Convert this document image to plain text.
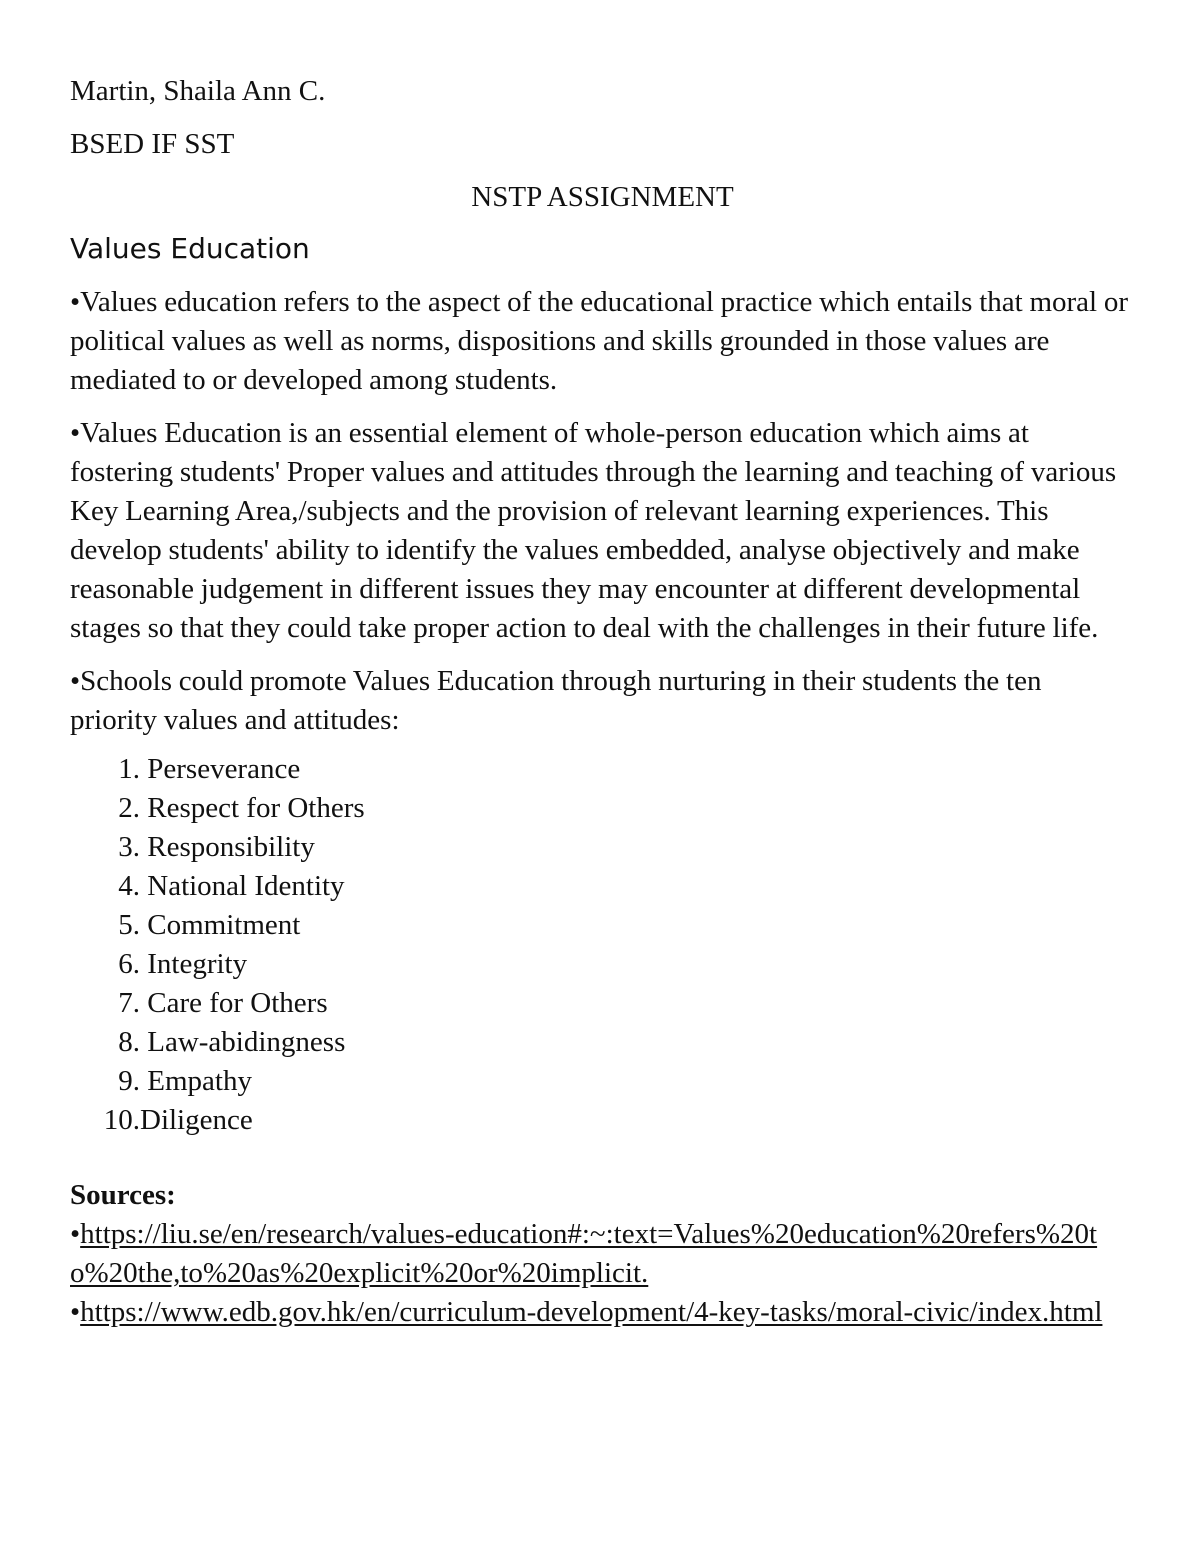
Martin, Shaila Ann C.

BSED IF SST

NSTP ASSIGNMENT

Values Education

•Values education refers to the aspect of the educational practice which entails that moral or political values as well as norms, dispositions and skills grounded in those values are mediated to or developed among students.

•Values Education is an essential element of whole-person education which aims at fostering students' Proper values and attitudes through the learning and teaching of various Key Learning Area,/subjects and the provision of relevant learning experiences. This develop students' ability to identify the values embedded, analyse objectively and make reasonable judgement in different issues they may encounter at different developmental stages so that they could take proper action to deal with the challenges in their future life.

•Schools could promote Values Education through nurturing in their students the ten priority values and attitudes:

1.
Perseverance
2.
Respect for Others
3.
Responsibility
4.
National Identity
5.
Commitment
6.
Integrity
7.
Care for Others
8.
Law-abidingness
9.
Empathy
10. Diligence

Sources:

•https://liu.se/en/research/values-education#:~:text=Values%20education%20refers%20to%20the,to%20as%20explicit%20or%20implicit.

•https://www.edb.gov.hk/en/curriculum-development/4-key-tasks/moral-civic/index.html
